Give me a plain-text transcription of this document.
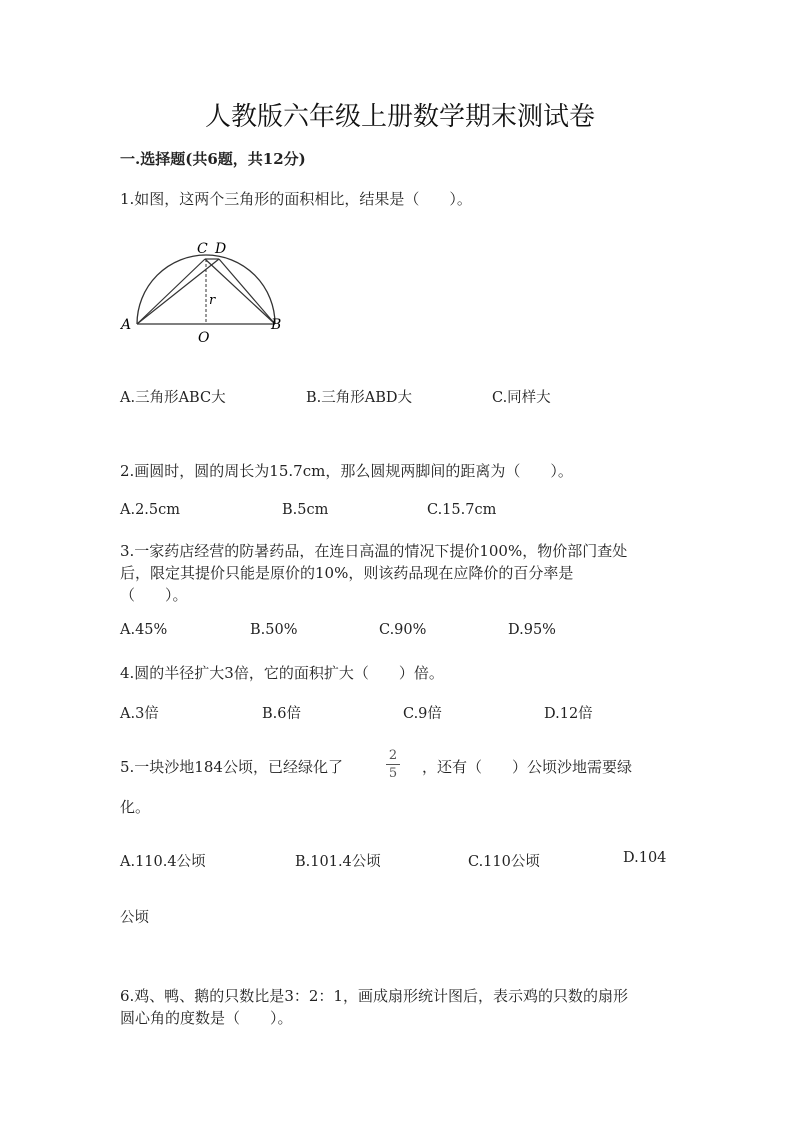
人教版六年级上册数学期末测试卷
一.选择题(共6题，共12分)
1.如图，这两个三角形的面积相比，结果是（　　）。
C D
A	B
O
r
A.三角形ABC大	B.三角形ABD大	C.同样大
2.画圆时，圆的周长为15.7cm，那么圆规两脚间的距离为（　　）。
A.2.5cm	B.5cm	C.15.7cm
3.一家药店经营的防暑药品，在连日高温的情况下提价100%，物价部门查处
后，限定其提价只能是原价的10%，则该药品现在应降价的百分率是
（　　）。
A.45%	B.50%	C.90%	D.95%
4.圆的半径扩大3倍，它的面积扩大（　　）倍。
A.3倍	B.6倍	C.9倍	D.12倍
5.一块沙地184公顷，已经绿化了
2
5 ，还有（　　）公顷沙地需要绿
化。
A.110.4公顷	B.101.4公顷	C.110公顷	D.104
公顷
6.鸡、鸭、鹅的只数比是3：2：1，画成扇形统计图后，表示鸡的只数的扇形
圆心角的度数是（　　）。
